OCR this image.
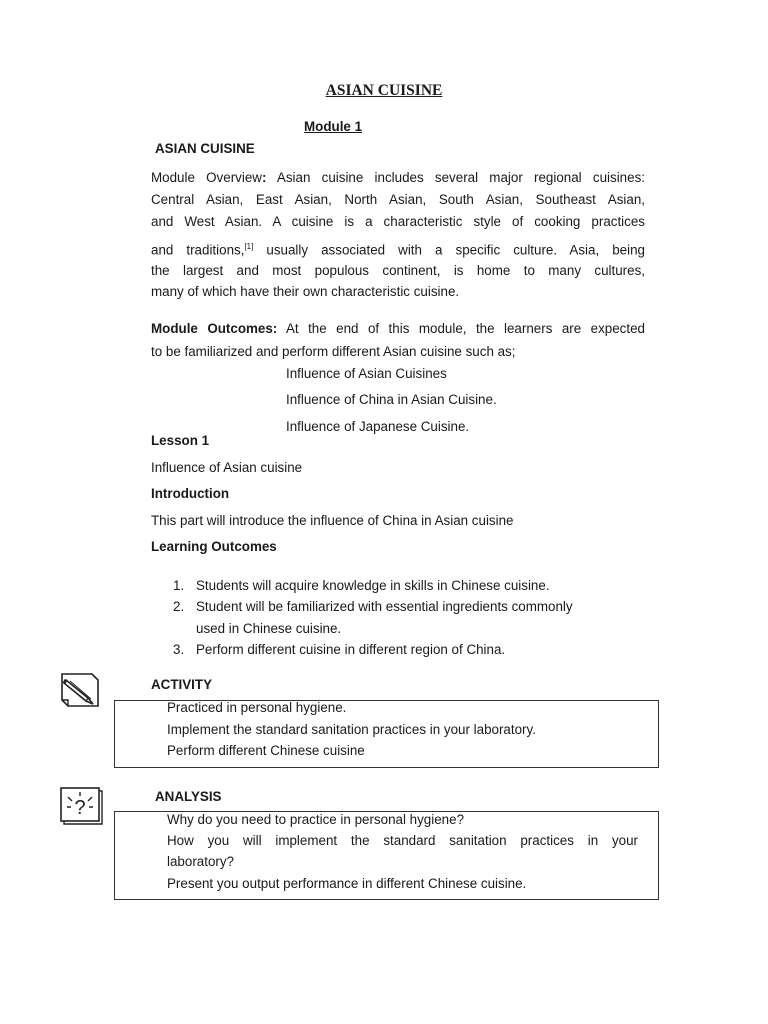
ASIAN CUISINE
Module 1
ASIAN CUISINE
Module Overview: Asian cuisine includes several major regional cuisines:
Central Asian, East Asian, North Asian, South Asian, Southeast Asian,
and West Asian. A cuisine is a characteristic style of cooking practices
and traditions,[1] usually associated with a specific culture. Asia, being
the largest and most populous continent, is home to many cultures,
many of which have their own characteristic cuisine.
Module Outcomes: At the end of this module, the learners are expected
to be familiarized and perform different Asian cuisine such as;
Influence of Asian Cuisines
Influence of China in Asian Cuisine.
Influence of Japanese Cuisine.
Lesson 1
Influence of Asian cuisine
Introduction
This part will introduce the influence of China in Asian cuisine
Learning Outcomes
1. Students will acquire knowledge in skills in Chinese cuisine.
2. Student will be familiarized with essential ingredients commonly
used in Chinese cuisine.
3. Perform different cuisine in different region of China.
ACTIVITY
Practiced in personal hygiene.
Implement the standard sanitation practices in your laboratory.
Perform different Chinese cuisine
?
ANALYSIS
Why do you need to practice in personal hygiene?
How you will implement the standard sanitation practices in your
laboratory?
Present you output performance in different Chinese cuisine.
